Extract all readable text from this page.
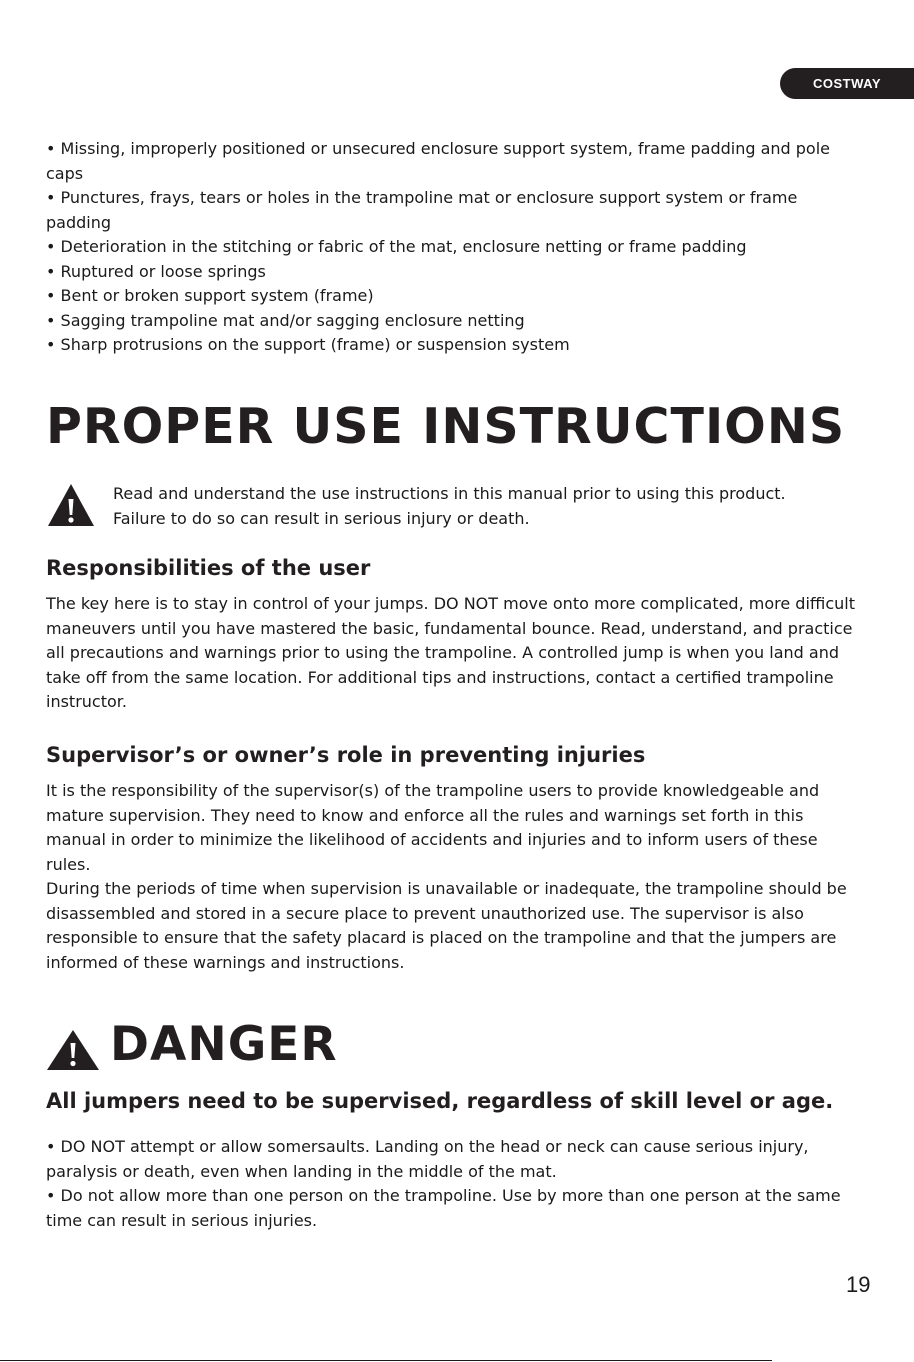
COSTWAY

• Missing, improperly positioned or unsecured enclosure support system, frame padding and pole caps

• Punctures, frays, tears or holes in the trampoline mat or enclosure support system or frame padding

• Deterioration in the stitching or fabric of the mat, enclosure netting or frame padding

• Ruptured or loose springs

• Bent or broken support system (frame)

• Sagging trampoline mat and/or sagging enclosure netting

• Sharp protrusions on the support (frame) or suspension system

PROPER USE INSTRUCTIONS

Read and understand the use instructions in this manual prior to using this product. Failure to do so can result in serious injury or death.

Responsibilities of the user

The key here is to stay in control of your jumps. DO NOT move onto more complicated, more difficult maneuvers until you have mastered the basic, fundamental bounce. Read, understand, and practice all precautions and warnings prior to using the trampoline. A controlled jump is when you land and take off from the same location. For additional tips and instructions, contact a certified trampoline instructor.

Supervisor’s or owner’s role in preventing injuries

It is the responsibility of the supervisor(s) of the trampoline users to provide knowledgeable and mature supervision. They need to know and enforce all the rules and warnings set forth in this manual in order to minimize the likelihood of accidents and injuries and to inform users of these rules.

During the periods of time when supervision is unavailable or inadequate, the trampoline should be disassembled and stored in a secure place to prevent unauthorized use. The supervisor is also responsible to ensure that the safety placard is placed on the trampoline and that the jumpers are informed of these warnings and instructions.

DANGER

All jumpers need to be supervised, regardless of skill level or age.

• DO NOT attempt or allow somersaults. Landing on the head or neck can cause serious injury, paralysis or death, even when landing in the middle of the mat.

• Do not allow more than one person on the trampoline. Use by more than one person at the same time can result in serious injuries.

19
